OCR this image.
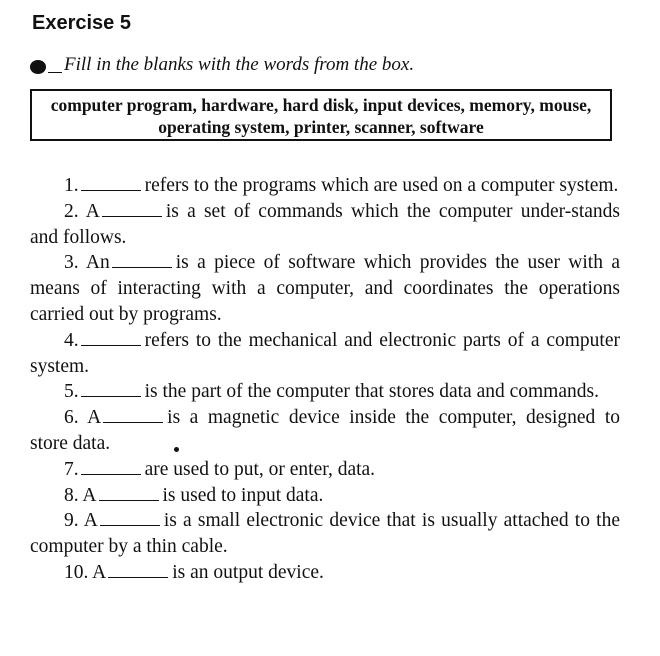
Exercise 5
Fill in the blanks with the words from the box.
computer program, hardware, hard disk, input devices, memory, mouse,
operating system, printer, scanner, software

1.	refers to the programs which are used on a computer system.

2. A	is a set of commands which the computer under-stands and follows.

3. An	is a piece of software which provides the user with a means of interacting with a computer, and coordinates the operations carried out by programs.

4.	refers to the mechanical and electronic parts of a computer system.

5.	is the part of the computer that stores data and commands.

6. A	is a magnetic device inside the computer, designed to store data.

7.	are used to put, or enter, data.

8. A	is used to input data.

9. A	is a small electronic device that is usually attached to the computer by a thin cable.

10. A	is an output device.
